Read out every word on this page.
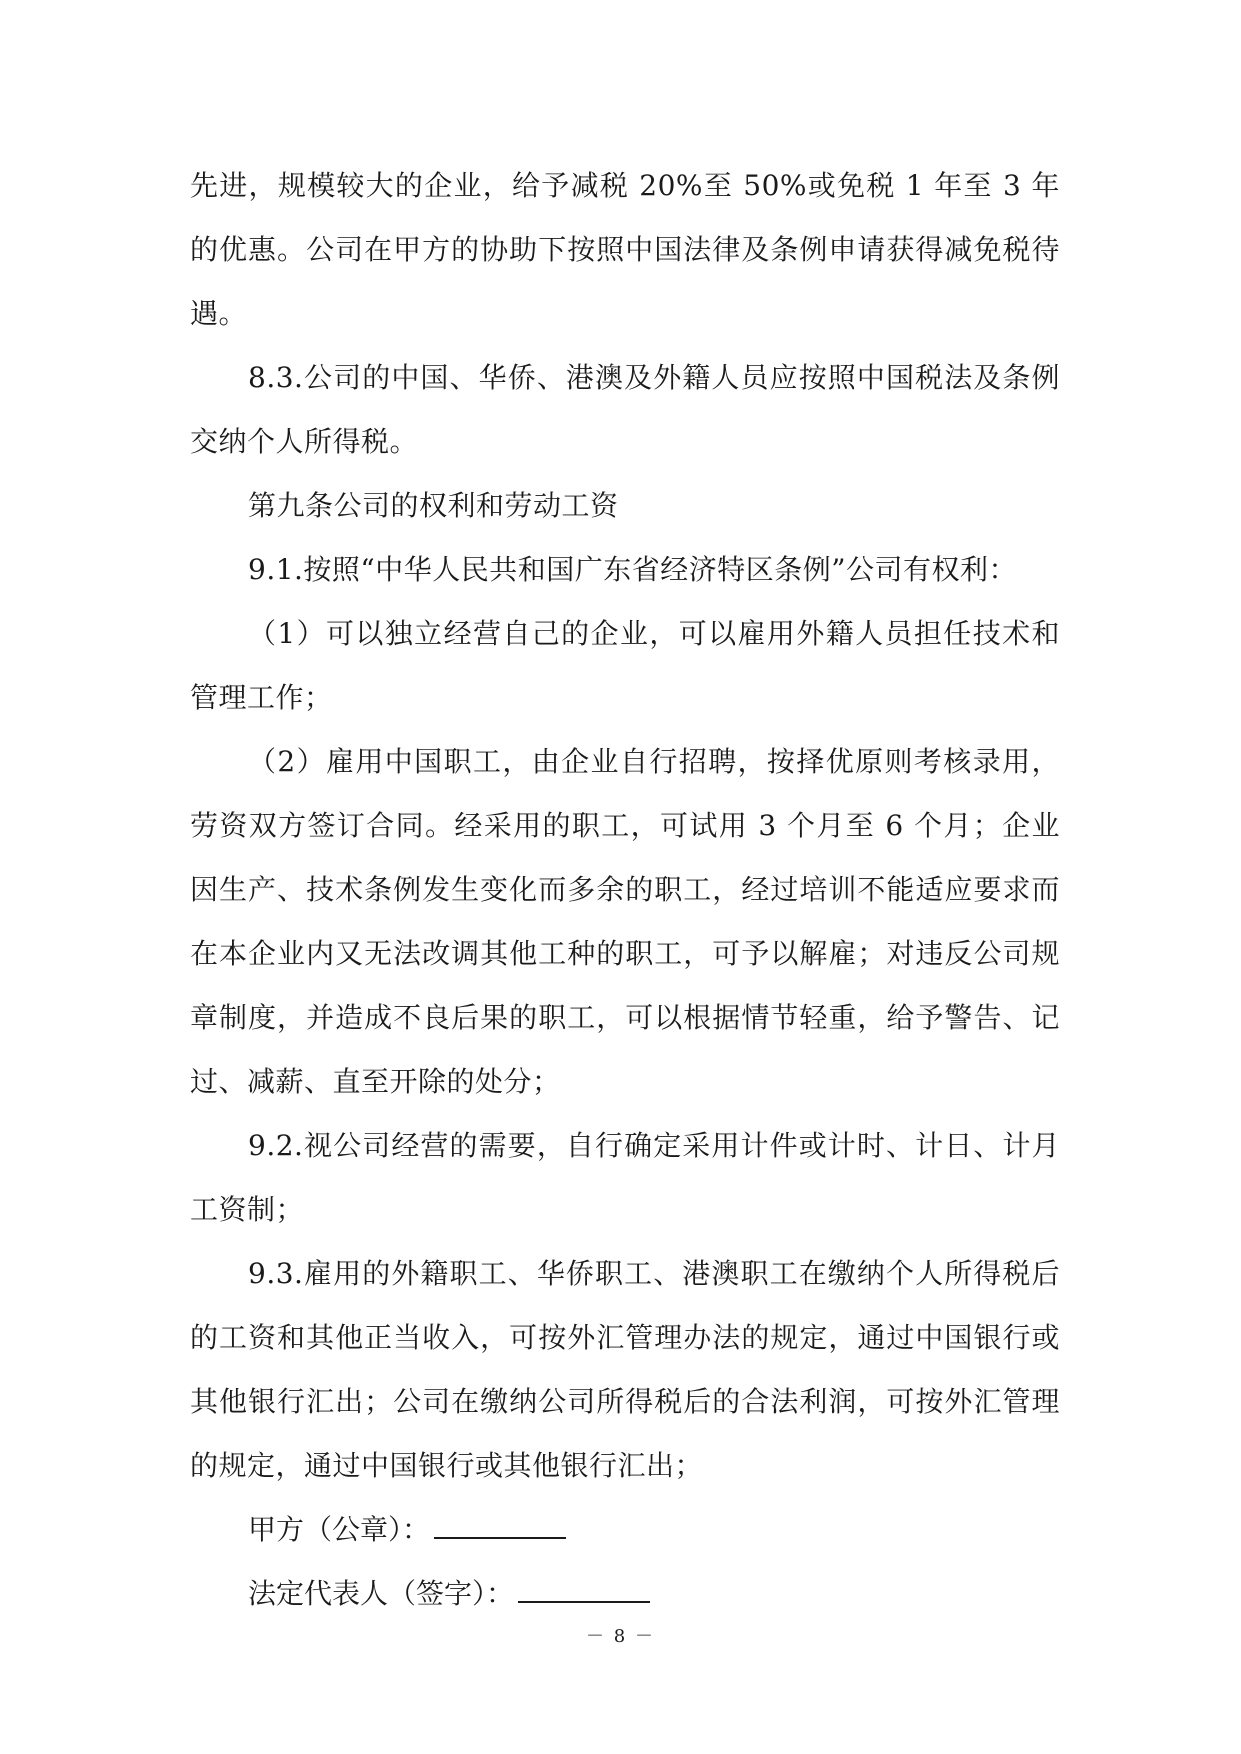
先进，规模较大的企业，给予减税 20%至 50%或免税 1 年至 3 年的优惠。公司在甲方的协助下按照中国法律及条例申请获得减免税待遇。

8.3.公司的中国、华侨、港澳及外籍人员应按照中国税法及条例交纳个人所得税。

第九条公司的权利和劳动工资

9.1.按照“中华人民共和国广东省经济特区条例”公司有权利：

（1）可以独立经营自己的企业，可以雇用外籍人员担任技术和管理工作；

（2）雇用中国职工，由企业自行招聘，按择优原则考核录用，劳资双方签订合同。经采用的职工，可试用 3 个月至 6 个月；企业因生产、技术条例发生变化而多余的职工，经过培训不能适应要求而在本企业内又无法改调其他工种的职工，可予以解雇；对违反公司规章制度，并造成不良后果的职工，可以根据情节轻重，给予警告、记过、减薪、直至开除的处分；

9.2.视公司经营的需要，自行确定采用计件或计时、计日、计月工资制；

9.3.雇用的外籍职工、华侨职工、港澳职工在缴纳个人所得税后的工资和其他正当收入，可按外汇管理办法的规定，通过中国银行或其他银行汇出；公司在缴纳公司所得税后的合法利润，可按外汇管理的规定，通过中国银行或其他银行汇出；

甲方（公章）：

法定代表人（签字）：

－ 8 －
